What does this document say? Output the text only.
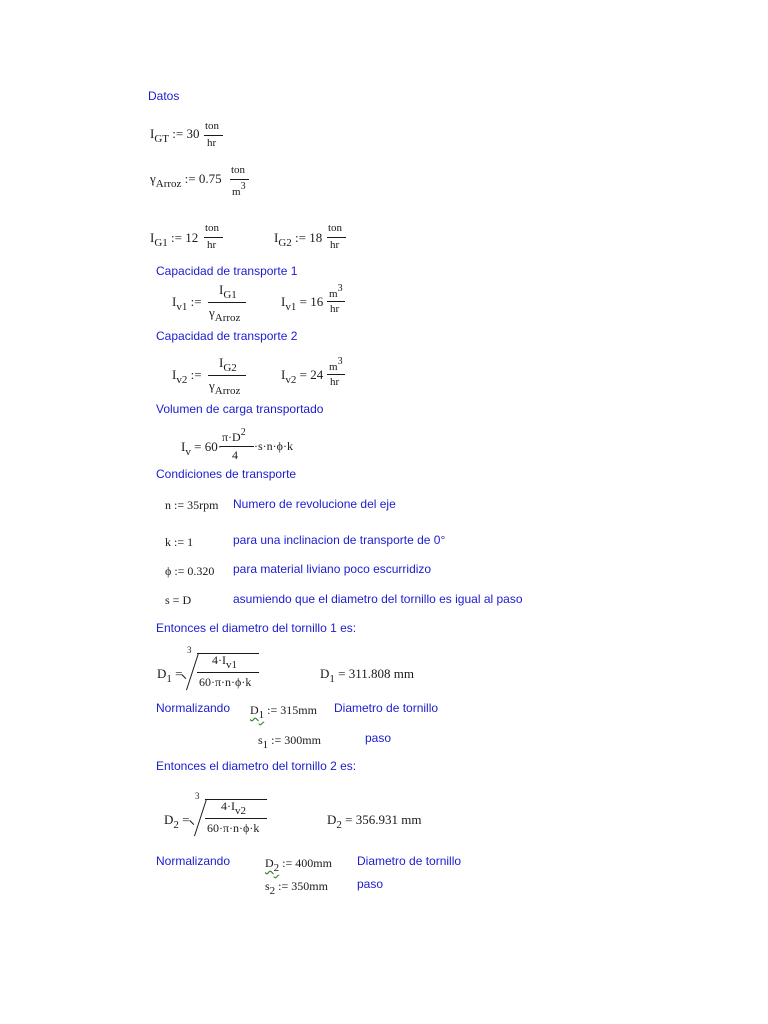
Datos
$I_{GT}$ := 30 ton
hr
$\gamma_{Arroz}$ := 0.75
ton
m3
$I_{G1}$ := 12
ton
hr	$I_{G2}$ := 18
ton
hr
Capacidad de transporte 1
$I_{v1}$ :=
$I_{G1}$
$\gamma_{Arroz}$
$I_{v1} = 16$ m3
hr
Capacidad de transporte 2
$I_{v2}$ :=
$I_{G2}$
$\gamma_{Arroz}$
$I_{v2} = 24$ m3
hr
Volumen de carga transportado
$I_v = 60\cdot$
$\pi\cdot D^2$
4
·s·n·ϕ·k
Condiciones de transporte
n := 35rpm Numero de revolucione del eje
k := 1	para una inclinacion de transporte de 0°
ϕ := 0.320 para material liviano poco escurridizo
s = D	asumiendo que el diametro del tornillo es igual al paso
Entonces el diametro del tornillo 1 es:
$D_1$ =
3
4·Iv1
60·π·n·ϕ·k
$D_1 = 311.808$ mm
Normalizando D1 := 315mm Diametro de tornillo
s1 := 300mm	paso
Entonces el diametro del tornillo 2 es:
$D_2$ =
3
4·Iv2
60·π·n·ϕ·k
$D_2 = 356.931$ mm
Normalizando	D2 := 400mm Diametro de tornillo
s2 := 350mm paso
